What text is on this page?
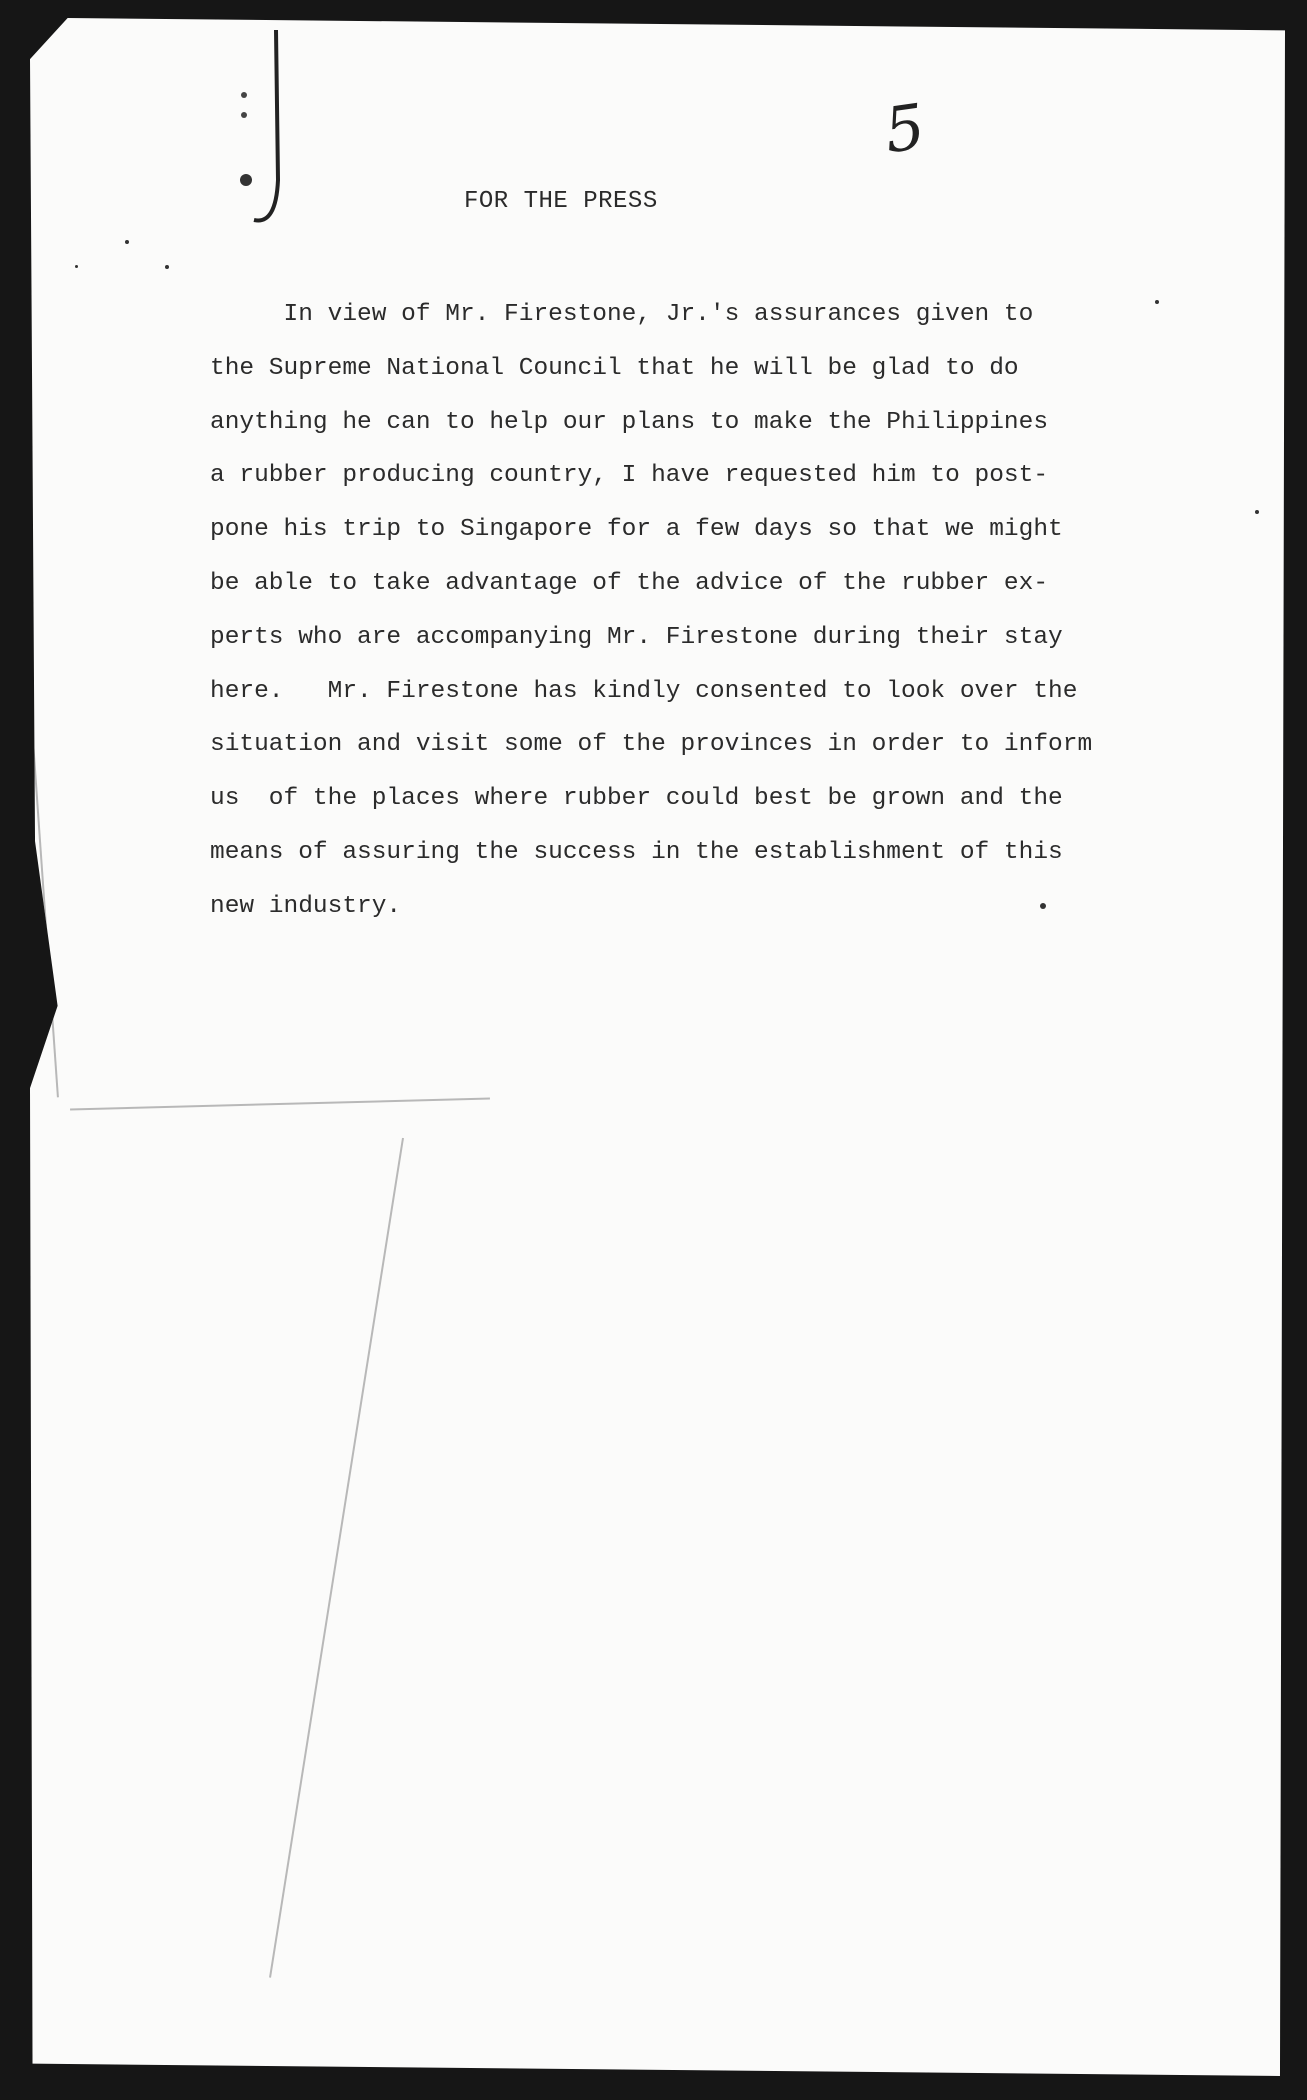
5
FOR THE PRESS
In view of Mr. Firestone, Jr.'s assurances given to
the Supreme National Council that he will be glad to do
anything he can to help our plans to make the Philippines
a rubber producing country, I have requested him to post-
pone his trip to Singapore for a few days so that we might
be able to take advantage of the advice of the rubber ex-
perts who are accompanying Mr. Firestone during their stay
here.   Mr. Firestone has kindly consented to look over the
situation and visit some of the provinces in order to inform
us  of the places where rubber could best be grown and the
means of assuring the success in the establishment of this
new industry.
